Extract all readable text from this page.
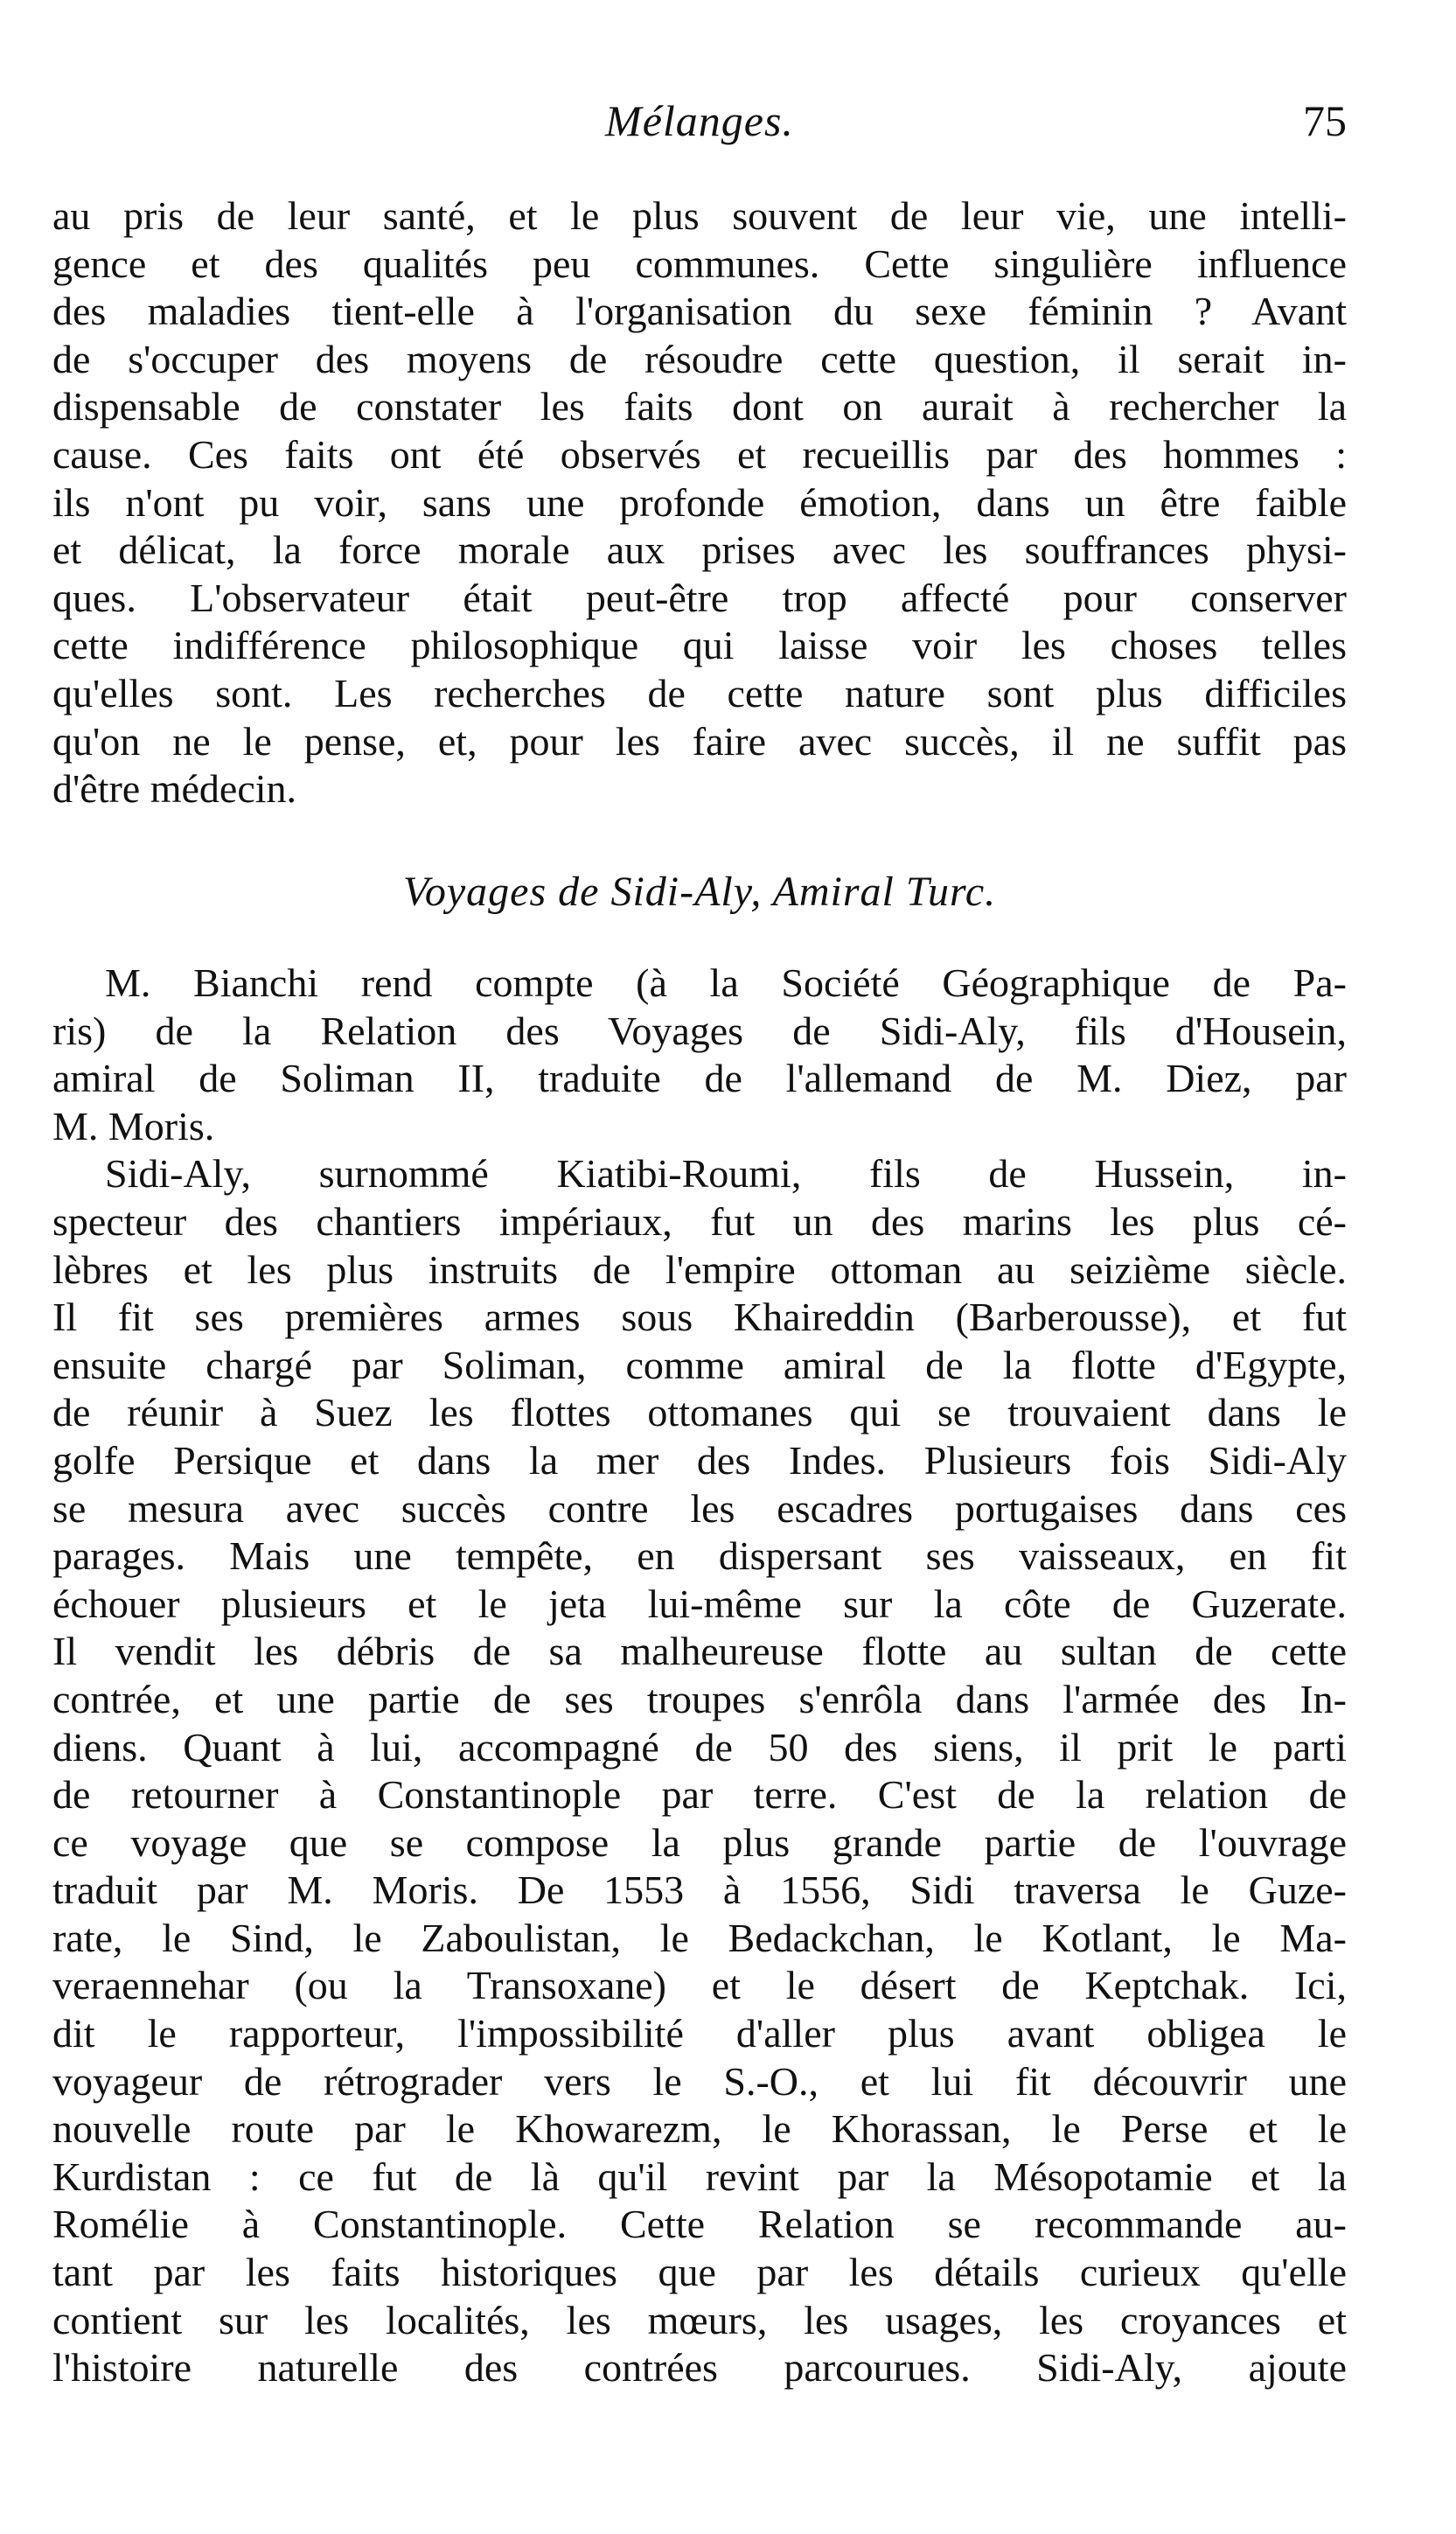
Mélanges.	75
au pris de leur santé, et le plus souvent de leur vie, une intelli-
gence et des qualités peu communes. Cette singulière influence
des maladies tient-elle à l'organisation du sexe féminin ? Avant
de s'occuper des moyens de résoudre cette question, il serait in-
dispensable de constater les faits dont on aurait à rechercher la
cause. Ces faits ont été observés et recueillis par des hommes :
ils n'ont pu voir, sans une profonde émotion, dans un être faible
et délicat, la force morale aux prises avec les souffrances physi-
ques. L'observateur était peut-être trop affecté pour conserver
cette indifférence philosophique qui laisse voir les choses telles
qu'elles sont. Les recherches de cette nature sont plus difficiles
qu'on ne le pense, et, pour les faire avec succès, il ne suffit pas
d'être médecin.
Voyages de Sidi-Aly, Amiral Turc.
M. Bianchi rend compte (à la Société Géographique de Pa-
ris) de la Relation des Voyages de Sidi-Aly, fils d'Housein,
amiral de Soliman II, traduite de l'allemand de M. Diez, par
M. Moris.
Sidi-Aly, surnommé Kiatibi-Roumi, fils de Hussein, in-
specteur des chantiers impériaux, fut un des marins les plus cé-
lèbres et les plus instruits de l'empire ottoman au seizième siècle.
Il fit ses premières armes sous Khaireddin (Barberousse), et fut
ensuite chargé par Soliman, comme amiral de la flotte d'Egypte,
de réunir à Suez les flottes ottomanes qui se trouvaient dans le
golfe Persique et dans la mer des Indes. Plusieurs fois Sidi-Aly
se mesura avec succès contre les escadres portugaises dans ces
parages. Mais une tempête, en dispersant ses vaisseaux, en fit
échouer plusieurs et le jeta lui-même sur la côte de Guzerate.
Il vendit les débris de sa malheureuse flotte au sultan de cette
contrée, et une partie de ses troupes s'enrôla dans l'armée des In-
diens. Quant à lui, accompagné de 50 des siens, il prit le parti
de retourner à Constantinople par terre. C'est de la relation de
ce voyage que se compose la plus grande partie de l'ouvrage
traduit par M. Moris. De 1553 à 1556, Sidi traversa le Guze-
rate, le Sind, le Zaboulistan, le Bedackchan, le Kotlant, le Ma-
veraennehar (ou la Transoxane) et le désert de Keptchak. Ici,
dit le rapporteur, l'impossibilité d'aller plus avant obligea le
voyageur de rétrograder vers le S.-O., et lui fit découvrir une
nouvelle route par le Khowarezm, le Khorassan, le Perse et le
Kurdistan : ce fut de là qu'il revint par la Mésopotamie et la
Romélie à Constantinople. Cette Relation se recommande au-
tant par les faits historiques que par les détails curieux qu'elle
contient sur les localités, les mœurs, les usages, les croyances et
l'histoire naturelle des contrées parcourues. Sidi-Aly, ajoute
